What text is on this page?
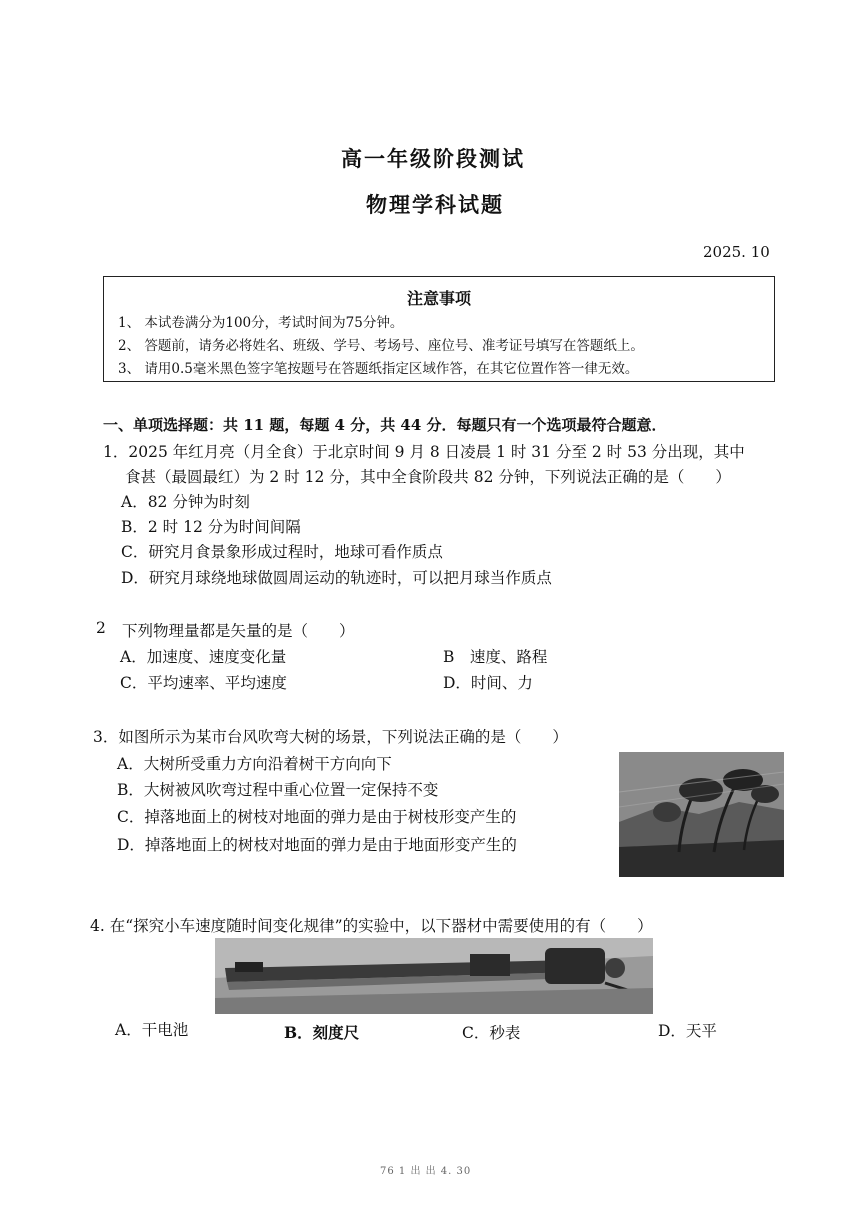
高一年级阶段测试
物理学科试题
2025. 10
注意事项
1、 本试卷满分为100分，考试时间为75分钟。
2、 答题前，请务必将姓名、班级、学号、考场号、座位号、准考证号填写在答题纸上。
3、 请用0.5毫米黑色签字笔按题号在答题纸指定区域作答，在其它位置作答一律无效。
一、单项选择题：共 11 题，每题 4 分，共 44 分．每题只有一个选项最符合题意．
1．2025 年红月亮（月全食）于北京时间 9 月 8 日凌晨 1 时 31 分至 2 时 53 分出现，其中
食甚（最圆最红）为 2 时 12 分，其中全食阶段共 82 分钟，下列说法正确的是（　　）
A．82 分钟为时刻
B．2 时 12 分为时间间隔
C．研究月食景象形成过程时，地球可看作质点
D．研究月球绕地球做圆周运动的轨迹时，可以把月球当作质点
2 下列物理量都是矢量的是（　　）
A．加速度、速度变化量	B　速度、路程
C．平均速率、平均速度	D．时间、力
3．如图所示为某市台风吹弯大树的场景，下列说法正确的是（　　）
A．大树所受重力方向沿着树干方向向下
B．大树被风吹弯过程中重心位置一定保持不变
C．掉落地面上的树枝对地面的弹力是由于树枝形变产生的
D．掉落地面上的树枝对地面的弹力是由于地面形变产生的
4. 在“探究小车速度随时间变化规律”的实验中，以下器材中需要使用的有（　　）
A．干电池	B．刻度尺	C．秒表	D．天平
76 1 出 出 4. 30
